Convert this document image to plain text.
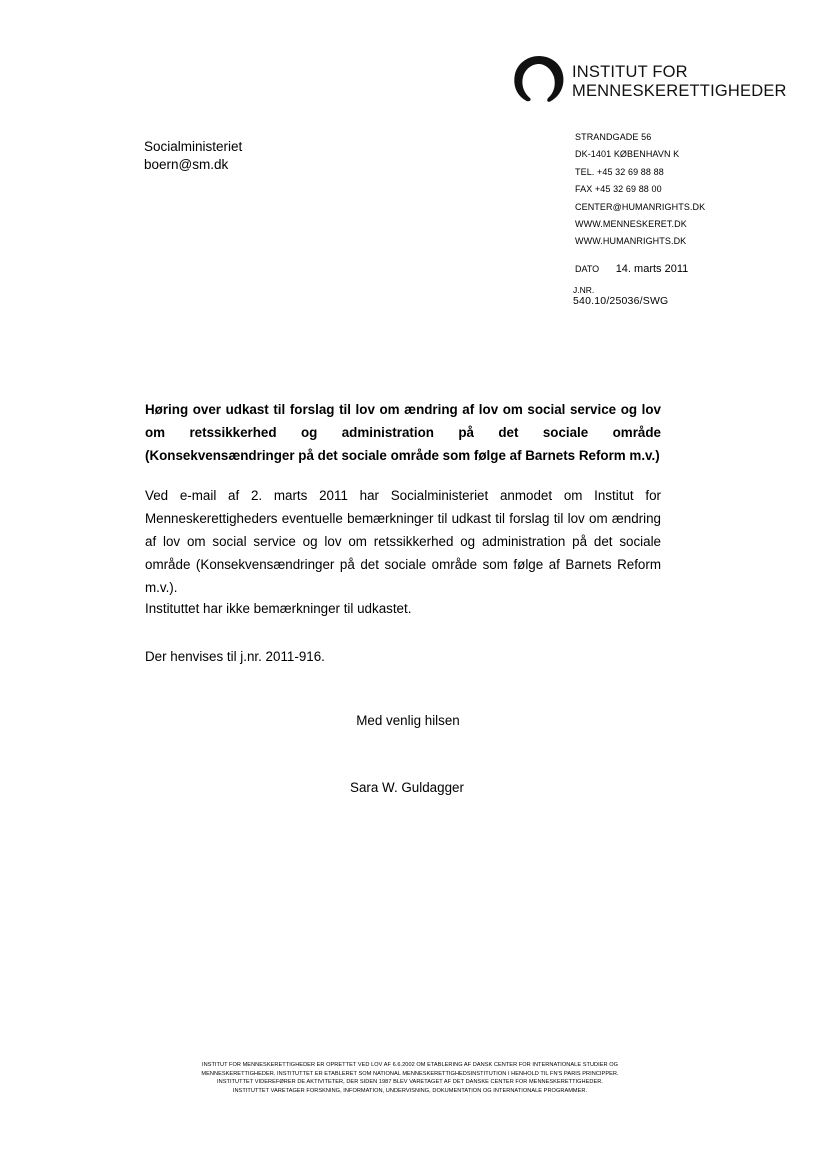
INSTITUT FOR
MENNESKERETTIGHEDER
Socialministeriet
boern@sm.dk
STRANDGADE 56
DK-1401 KØBENHAVN K
TEL. +45 32 69 88 88
FAX +45 32 69 88 00
CENTER@HUMANRIGHTS.DK
WWW.MENNESKERET.DK
WWW.HUMANRIGHTS.DK
DATO 14. marts 2011
J.NR.
540.10/25036/SWG
Høring over udkast til forslag til lov om ændring af lov om social service og lov om retssikkerhed og administration på det sociale område (Konsekvensændringer på det sociale område som følge af Barnets Reform m.v.)
Ved e-mail af 2. marts 2011 har Socialministeriet anmodet om Institut for Menneskerettigheders eventuelle bemærkninger til udkast til forslag til lov om ændring af lov om social service og lov om retssikkerhed og administration på det sociale område (Konsekvensændringer på det sociale område som følge af Barnets Reform m.v.).
Instituttet har ikke bemærkninger til udkastet.
Der henvises til j.nr. 2011-916.
Med venlig hilsen
Sara W. Guldagger
INSTITUT FOR MENNESKERETTIGHEDER ER OPRETTET VED LOV AF 6.6.2002 OM ETABLERING AF DANSK CENTER FOR INTERNATIONALE STUDIER OG
MENNESKERETTIGHEDER. INSTITUTTET ER ETABLERET SOM NATIONAL MENNESKERETTIGHEDSINSTITUTION I HENHOLD TIL FN'S PARIS PRINCIPPER.
INSTITUTTET VIDEREFØRER DE AKTIVITETER, DER SIDEN 1987 BLEV VARETAGET AF DET DANSKE CENTER FOR MENNESKERETTIGHEDER.
INSTITUTTET VARETAGER FORSKNING, INFORMATION, UNDERVISNING, DOKUMENTATION OG INTERNATIONALE PROGRAMMER.
